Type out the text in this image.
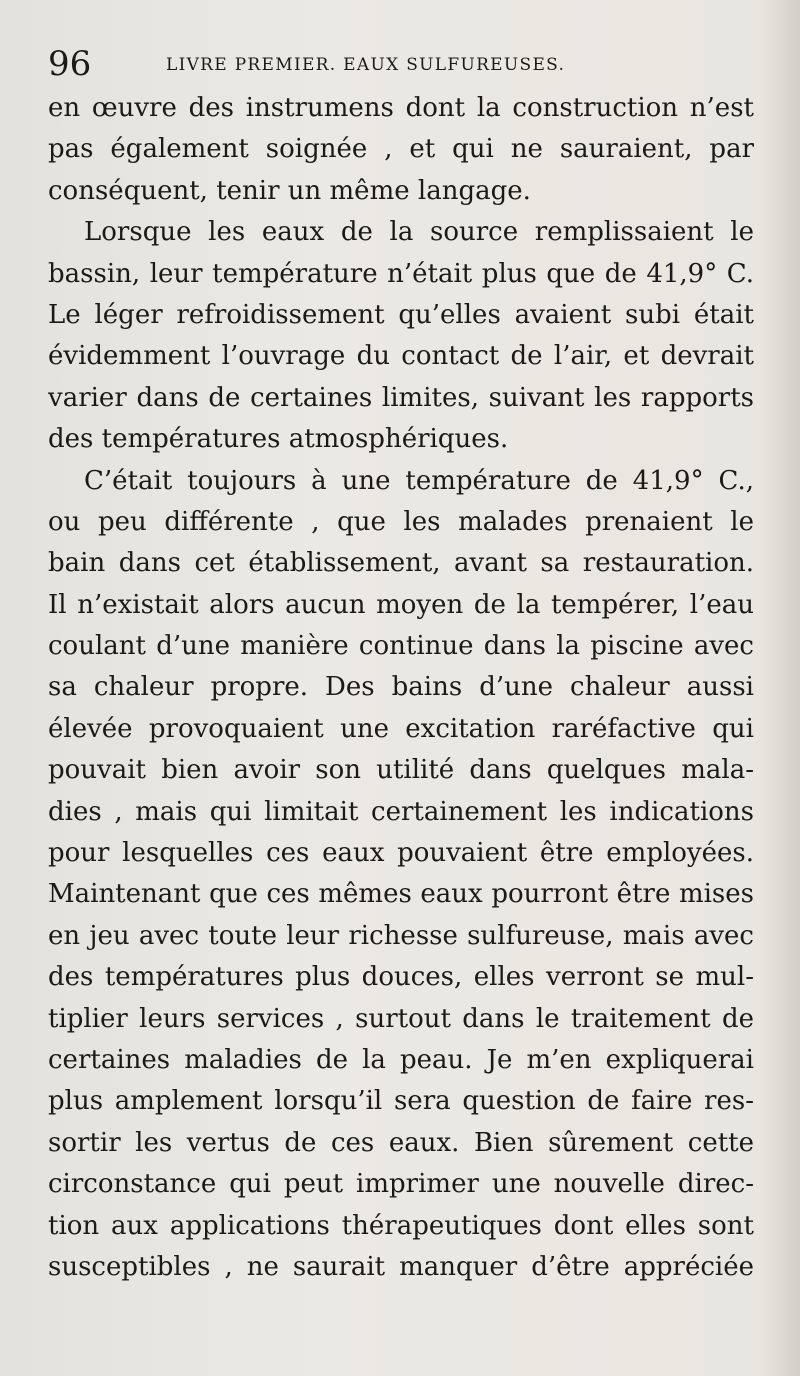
96	LIVRE PREMIER. EAUX SULFUREUSES.
en œuvre des instrumens dont la construction n’est
pas également soignée , et qui ne sauraient, par
conséquent, tenir un même langage.
Lorsque les eaux de la source remplissaient le
bassin, leur température n’était plus que de 41,9° C.
Le léger refroidissement qu’elles avaient subi était
évidemment l’ouvrage du contact de l’air, et devrait
varier dans de certaines limites, suivant les rapports
des températures atmosphériques.
C’était toujours à une température de 41,9° C.,
ou peu différente , que les malades prenaient le
bain dans cet établissement, avant sa restauration.
Il n’existait alors aucun moyen de la tempérer, l’eau
coulant d’une manière continue dans la piscine avec
sa chaleur propre. Des bains d’une chaleur aussi
élevée provoquaient une excitation raréfactive qui
pouvait bien avoir son utilité dans quelques mala-
dies , mais qui limitait certainement les indications
pour lesquelles ces eaux pouvaient être employées.
Maintenant que ces mêmes eaux pourront être mises
en jeu avec toute leur richesse sulfureuse, mais avec
des températures plus douces, elles verront se mul-
tiplier leurs services , surtout dans le traitement de
certaines maladies de la peau. Je m’en expliquerai
plus amplement lorsqu’il sera question de faire res-
sortir les vertus de ces eaux. Bien sûrement cette
circonstance qui peut imprimer une nouvelle direc-
tion aux applications thérapeutiques dont elles sont
susceptibles , ne saurait manquer d’être appréciée
